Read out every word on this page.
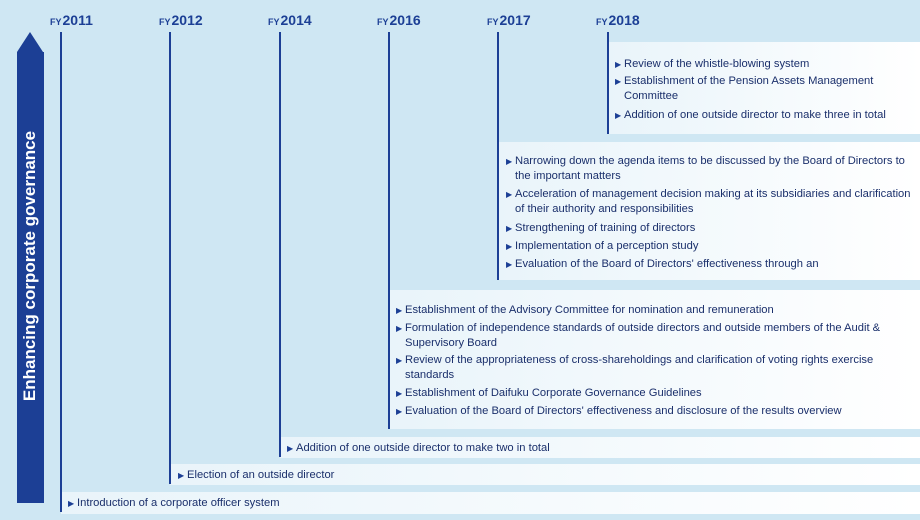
FY2011	FY2012	FY2014	FY2016	FY2017	FY2018
Enhancing corporate governance
▶ Review of the whistle-blowing system
▶ Establishment of the Pension Assets Management Committee
▶ Addition of one outside director to make three in total
▶ Narrowing down the agenda items to be discussed by the Board of Directors to the important matters
▶ Acceleration of management decision making at its subsidiaries and clarification of their authority and responsibilities
▶ Strengthening of training of directors
▶ Implementation of a perception study
▶ Evaluation of the Board of Directors' effectiveness through an
▶ Establishment of the Advisory Committee for nomination and remuneration
▶ Formulation of independence standards of outside directors and outside members of the Audit & Supervisory Board
▶ Review of the appropriateness of cross-shareholdings and clarification of voting rights exercise standards
▶ Establishment of Daifuku Corporate Governance Guidelines
▶ Evaluation of the Board of Directors' effectiveness and disclosure of the results overview
▶ Addition of one outside director to make two in total
▶ Election of an outside director
▶ Introduction of a corporate officer system
